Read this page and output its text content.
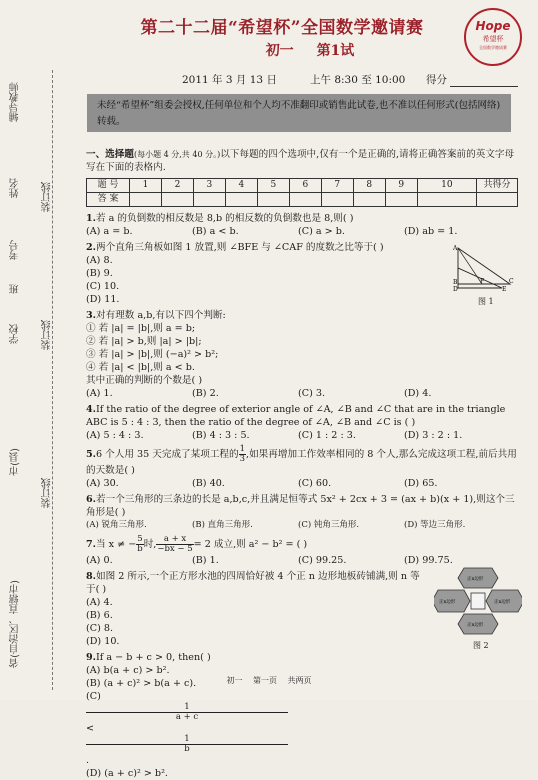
辅导教师
姓名
考号
班
学校
市(县)
省(自治区、直辖市)
装订线
装订线
装订线
第二十二届“希望杯”全国数学邀请赛
初一 第1试
Hope
希望杯
全国数学邀请赛
2011 年 3 月 13 日	上午 8:30 至 10:00 得分
未经“希望杯”组委会授权,任何单位和个人均不准翻印或销售此试卷,也不准以任何形式(包括网络)转载。
一、选择题(每小题 4 分,共 40 分。)以下每题的四个选项中,仅有一个是正确的,请将正确答案前的英文字母写在下面的表格内.
题 号	1	2	3	4	5	6	7	8	9	10	共得分
答 案											
1.若 a 的负倒数的相反数是 8,b 的相反数的负倒数也是 8,则( )
(A) a = b.	(B) a < b.	(C) a > b.	(D) ab = 1.
2.两个直角三角板如图 1 放置,则 ∠BFE 与 ∠CAF 的度数之比等于( )
(A) 8.
(B) 9.
(C) 10.
(D) 11.
3.对有理数 a,b,有以下四个判断:
① 若 |a| = |b|,则 a = b;
② 若 |a| > b,则 |a| > |b|;
③ 若 |a| > |b|,则 (−a)² > b²;
④ 若 |a| < |b|,则 a < b.
其中正确的判断的个数是( )
(A) 1.	(B) 2.	(C) 3.	(D) 4.
4.If the ratio of the degree of exterior angle of ∠A, ∠B and ∠C that are in the triangle ABC is 5 : 4 : 3, then the ratio of the degree of ∠A, ∠B and ∠C is ( )
(A) 5 : 4 : 3.	(B) 4 : 3 : 5.	(C) 1 : 2 : 3.	(D) 3 : 2 : 1.
5.6 个人用 35 天完成了某项工程的 $\frac{1}{3}$ ,如果再增加工作效率相同的 8 个人,那么完成这项工程,前后共用的天数是( )
(A) 30.	(B) 40.	(C) 60.	(D) 65.
6.若一个三角形的三条边的长是 a,b,c,并且满足恒等式 5x² + 2cx + 3 = (ax + b)(x + 1),则这个三角形是( )
(A) 锐角三角形.	(B) 直角三角形.	(C) 钝角三角形.	(D) 等边三角形.
7.当 x ≠ − $\frac{5}{b}$ 时, $\frac{a + x}{-bx - 5} = 2$ 成立,则 a² − b² = ( )
(A) 0.	(B) 1.	(C) 99.25.	(D) 99.75.
8.如图 2 所示,一个正方形水池的四周恰好被 4 个正 n 边形地板砖铺满,则 n 等于( )
(A) 4.
(B) 6.
(C) 8.
(D) 10.
9.If a − b + c > 0, then( )
(A) b(a + c) > b².
(B) (a + c)² > b(a + c).
(C)
$\frac{1}{a + c}$
<
$\frac{1}{b}$
.
(D) (a + c)² > b².
A
B	C
D	E
F
图 1
正n边形
正n边形
正n边形	正n边形
图 2
初一 第一页 共两页
